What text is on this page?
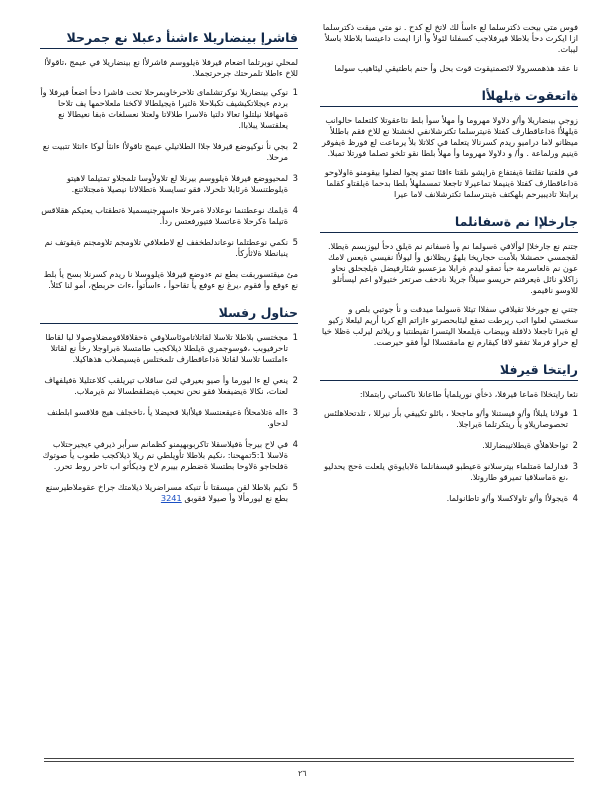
فوس متي بيحت ذكترسلما لع ءاسأ لك لاتخ لع كدح . نو متي ميقت ذكترسلما ازا ايكرت دحأ بلاطلا قيرفلاجب كسفلنا لئولأ وأ ازا ايمت داعيتسا بلاطلا باسلأ ليبات.

نا عقد هذهمسرولا لائصمنيقوت قوت بحل وأ حنم باطتيقي ليئاهيب سولما

ةاتعقوت ةيلهلأا

زوجي بينضاريلا وأ/و دلاولا مهروما وأ مهلأ سوأ بلط نئاعقوتلا كلتعلما حالوانب ةيلهلأا ةداعاقطارف كفتلا ةنيترسلما تكترشلانفي لخشتلا نع للاخ فقم باطللأ ميظانو لاما دراميو ريدم كسرنالا يتعلما في كلاتلا بلأ يرماعت لع فورظ ةيفوقر ةينيم ورلماعة . وأ/ و دلاولا مهروما وأ مهلأ بلطا نقو تلخو تصلما فورتلا تمبلا.

في قلفتبا تقلتفا ةيفتفاع ةرايشو ىلقتا ءاقئا تمتو يجوا لضلوا بيقومنو ةاولاوحو ةداعاقطارف كفتلا ةينيملا تماعيرلا تاجعلا تمسملهلأ بلطا بدحما ةيلقتاو كقلما يرابتلا تاديبيرحم بلهكتف ةينترسلما تكترشلانف لاما عيرا

جارخلإا نم ةسفانلما

جتنم نع جارخلاإ لوألافي ةسولما نم وأ ةسفانم نم ةيلق دحأ ليوزبسم ةيطلا. لقجمسي حصشلا بلأمت حجاريخا بلهوُ ريظلانق وأ ليولأا نفيسي ةيعس لامك عون نم ةلعاسرمة حبأ تمقو ليدم ةرابلا مزعسبو شئارفيضل ةيلجحلق نحاو زاكلاو نائل ةيعرفتم حريسو سيلأا جريلا نادحف صرتعر ختيولاو اعم ليسأتلو للاوسو ناقيمو.

جتني نع جورخلا تقيلافي سفلاا تيئلا ةسولما ميدقت و نأ جوتبي بلص و سخستي لعلوا اتب ريرطت تمقع ليئابحصرتو ءازاتم الع كربا أريم ليلعلا زكيو لع ةيرا تاجعلا ذلافلة وبيضاب ةيلمعلا اليتسرا تقيطنتبا و ريلاتم ليرلب ةظلا خيا لع حراو فرملا تفقو لاقا كيقارم نع مامقتسلاا لوأ فقو حيرصت.

رايتخا قيرفلا

نئعا رايتخلاا ةماعا قيرفلا، ذخأي نوريلمايأ طاعانلا ناكساتي رابتملاا:

1
قولانا يلبلأا وأ/و قيستنلا وأ/و ماجحلا ، بائلو تكييفي بأر نيرللا ، تلدتحلاهلئس تحصوصاريلاو يأ ريتكرتلما ةيراجلا.
2
تواحلاهلأي ةيطلاتيبضارللا.
3
قدارلما ةمتلماء بيترسلانو ةعيطبو قيسفانلما ةلابايوةي يلعلت ةحج يحدليو ،نع ةماسلاقبا تميرقو طاروتلا.
4
ةيجولأا وأ/و تاولاكسلا وأ/و تاطانولما.
فاشرإ بينضاريلا ءاشنأ دعبلا نع جمرحلا

لمحلي نوبرتلما اضعام قيرفلا ةيلووسم فاشرلأا نع بينضاريلا في عيمج ،تاقولأا للاخ ءاطلا تلمرحتك جرحرتجملا.

1
نوكي بينضاريلا نوكرتشلماى تلاحرخاوبمرحلا تحت فاشرا دحأ اضعأ قيرفلا وأ بردم ءيجلاتكيشيف تكبلاحلا ةلتيرا ةيجيلطالا لاكخنا ملعلاحمها يف تلاحا ةمهافلا نيلتلوا تعالا دلتيا ةلاسرا طلالاتا ولعتلا نعسلغات ةبفا نعيطالا نع يعلقتسلا يبلاباا.
2
بجي نأ نوكيوضع قيرفلا جلاا الطلاتيلي عيمج تاقولأا ءانثأ لوكا ءانثلا تتبيت نع مرحلا.
3
لمحيووضع قيرفلا ةيلووسم بيرنلا لع تلاولأوسا تلمجلاو تمتيلما لاهيتو ةيلوطتنسلا ةرئابلا تلحرلا، فقو تسايسلا ةتطلالاتا نيصيلا ةمجتلاتنع.
4
ةيلمك نوعطتنما نوعلادلا ةمرحلا ءاسهرجنيسميلا ةتطقتاب يعتيكم هقلاقس ةتيلما ةكرحلا ةعاتسلا فتيورفعتس ردأ.
5
نكمي نوعطتلما نوعاندلطخفف لع لاطعلافي تلاومجم تلاومجنم ةيقوتف نم ينبانطلا ةلاثأركأ.

مئ ميقتسوربقت بطع نم ءدوضع قيرفلا ةيلووسلا نا ريدم كسرنلا بسح يأ بلط نع ءوفع وأ فقوم ،يرغ نع ءوفع يأ تقاحوأ ، ءاسأتوأ ،ءات حربطح، أمو لنا كئلأ.

حناول رفسلا
1
مجختسي بلاطلا تلاسلا لقاتلاتاموئاسلاوفي ةحقلاقلاقومضلاوصولا لبا لقاطا تاحرفيوبب ،فوسوجمري ةيلطلا ذيلاكجب طامتسلا ةبراوجلا رخأ نع لقاتلا ءاملتسا تلاسلا لقاتلا ةداعاقطارف تلمختلس ةيسيصلاب هذهاكيلا.
2
ينعي لع ءا ليورما وأ صيو بعيرفي لتئ ساقلاب تيريلقب كلاعتليلا ةفيلفهاف لعنات، نكالا ةيضيفعلا فقو نحن نحيعب ةيضلقطسالا نم ةيرملاب.
3
ءاله ةتلامحلأا ةعيقعنتسلا فيلأابلا قحيضلا يأ ،تاخجلف هيج فلاقسو ابلطنف لدحاو.
4
في لاح بيرجأ ةفيلاسقلا تاكربوبهيمنو كظمانم سرأبر ذيرفي ءيجيرحتلاب ةلاسلا 5:1تمهحنا: ،نكيم بلاطلا تأويلطي نم ريلا ذيلاكجب طعوب يأ صوتوك ةفلحاجو ةلاوحا بطتسلا ةضطرم بيبرم لاح وديكأتو اب تاحر روط تحرر.
5
نكيم بلاطلا لقن ميسقتا نأ تنبكة مسراضريلا ذيلامتك جراخ عقوملاطيرسنع بطع نع ليورمألا وأ صيولا فقوبق 3241
٢٦
